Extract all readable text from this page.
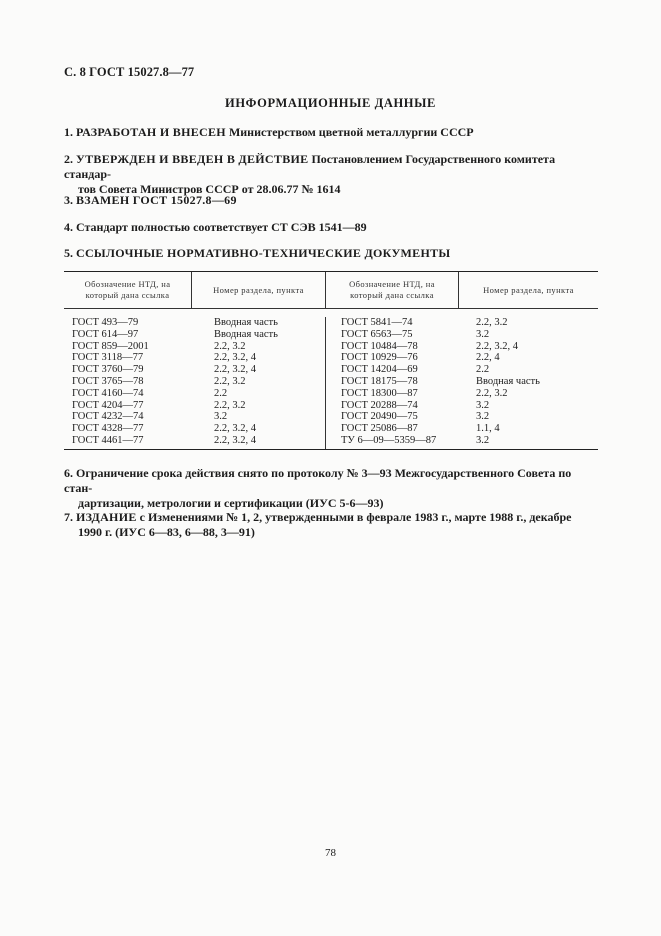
С. 8 ГОСТ 15027.8—77
ИНФОРМАЦИОННЫЕ ДАННЫЕ
1. РАЗРАБОТАН И ВНЕСЕН Министерством цветной металлургии СССР
2. УТВЕРЖДЕН И ВВЕДЕН В ДЕЙСТВИЕ Постановлением Государственного комитета стандар-
тов Совета Министров СССР от 28.06.77 № 1614
3. ВЗАМЕН ГОСТ 15027.8—69
4. Стандарт полностью соответствует СТ СЭВ 1541—89
5. ССЫЛОЧНЫЕ НОРМАТИВНО-ТЕХНИЧЕСКИЕ ДОКУМЕНТЫ
Обозначение НТД, на который дана ссылка
Номер раздела, пункта
Обозначение НТД, на который дана ссылка
Номер раздела, пункта
ГОСТ 493—79
ГОСТ 614—97
ГОСТ 859—2001
ГОСТ 3118—77
ГОСТ 3760—79
ГОСТ 3765—78
ГОСТ 4160—74
ГОСТ 4204—77
ГОСТ 4232—74
ГОСТ 4328—77
ГОСТ 4461—77
Вводная часть
Вводная часть
2.2, 3.2
2.2, 3.2, 4
2.2, 3.2, 4
2.2, 3.2
2.2
2.2, 3.2
3.2
2.2, 3.2, 4
2.2, 3.2, 4
ГОСТ 5841—74
ГОСТ 6563—75
ГОСТ 10484—78
ГОСТ 10929—76
ГОСТ 14204—69
ГОСТ 18175—78
ГОСТ 18300—87
ГОСТ 20288—74
ГОСТ 20490—75
ГОСТ 25086—87
ТУ 6—09—5359—87
2.2, 3.2
3.2
2.2, 3.2, 4
2.2, 4
2.2
Вводная часть
2.2, 3.2
3.2
3.2
1.1, 4
3.2
6. Ограничение срока действия снято по протоколу № 3—93 Межгосударственного Совета по стан-
дартизации, метрологии и сертификации (ИУС 5-6—93)
7. ИЗДАНИЕ с Изменениями № 1, 2, утвержденными в феврале 1983 г., марте 1988 г., декабре
1990 г. (ИУС 6—83, 6—88, 3—91)
78
